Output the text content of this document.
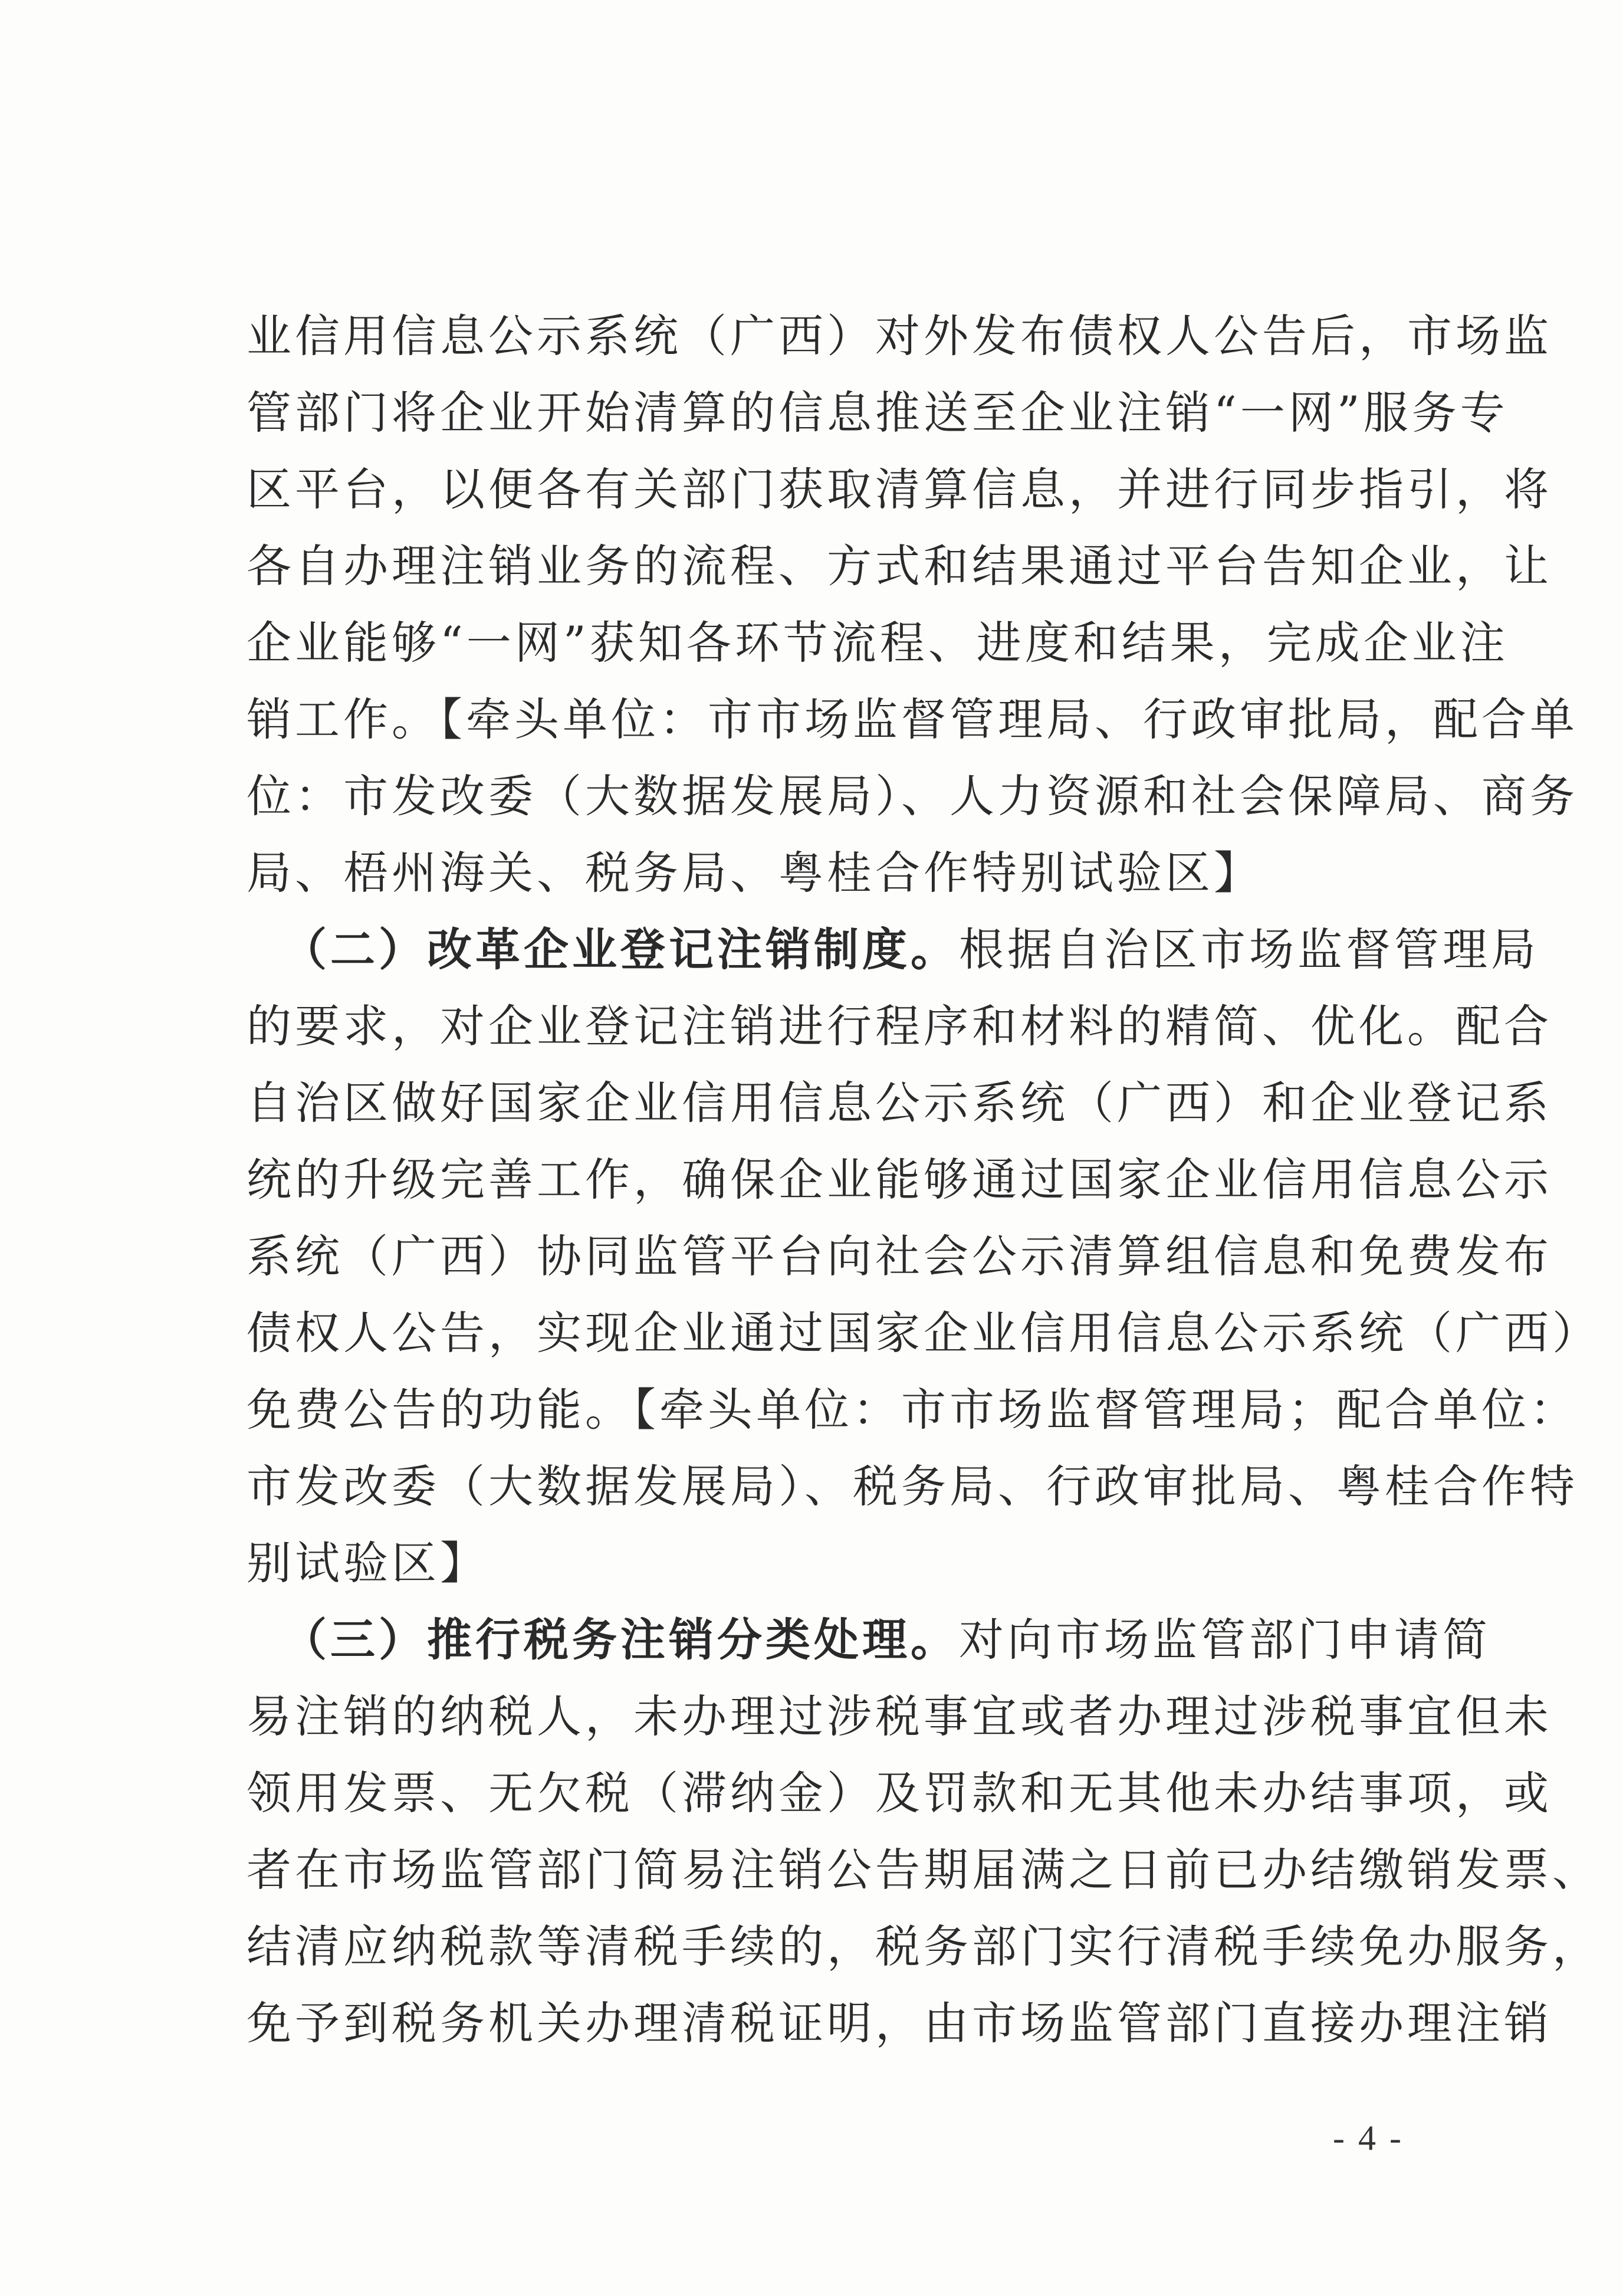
业信用信息公示系统（广西）对外发布债权人公告后，市场监
管部门将企业开始清算的信息推送至企业注销“一网”服务专
区平台，以便各有关部门获取清算信息，并进行同步指引，将
各自办理注销业务的流程、方式和结果通过平台告知企业，让
企业能够“一网”获知各环节流程、进度和结果，完成企业注
销工作。【牵头单位：市市场监督管理局、行政审批局，配合单
位：市发改委（大数据发展局）、人力资源和社会保障局、商务
局、梧州海关、税务局、粤桂合作特别试验区】
（二）改革企业登记注销制度。根据自治区市场监督管理局
的要求，对企业登记注销进行程序和材料的精简、优化。配合
自治区做好国家企业信用信息公示系统（广西）和企业登记系
统的升级完善工作，确保企业能够通过国家企业信用信息公示
系统（广西）协同监管平台向社会公示清算组信息和免费发布
债权人公告，实现企业通过国家企业信用信息公示系统（广西）
免费公告的功能。【牵头单位：市市场监督管理局；配合单位：
市发改委（大数据发展局）、税务局、行政审批局、粤桂合作特
别试验区】
（三）推行税务注销分类处理。对向市场监管部门申请简
易注销的纳税人，未办理过涉税事宜或者办理过涉税事宜但未
领用发票、无欠税（滞纳金）及罚款和无其他未办结事项，或
者在市场监管部门简易注销公告期届满之日前已办结缴销发票、
结清应纳税款等清税手续的，税务部门实行清税手续免办服务，
免予到税务机关办理清税证明，由市场监管部门直接办理注销
- 4 -
